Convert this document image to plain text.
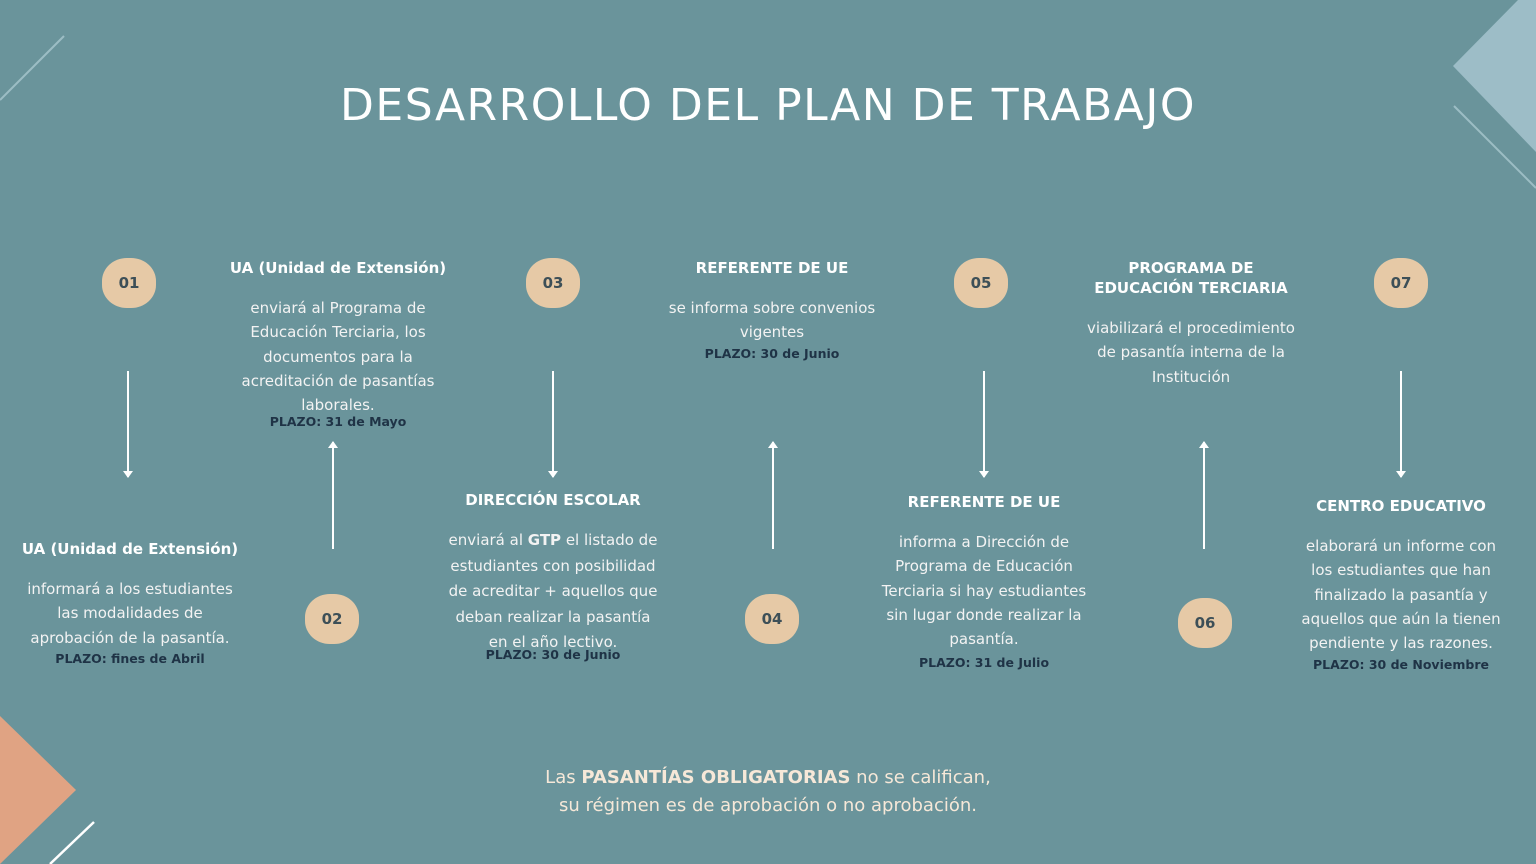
DESARROLLO DEL PLAN DE TRABAJO
01
02
03
04
05
06
07
UA (Unidad de Extensión)
informará a los estudiantes
las modalidades de
aprobación de la pasantía.
PLAZO: fines de Abril
UA (Unidad de Extensión)
enviará al Programa de
Educación Terciaria, los
documentos para la
acreditación de pasantías
laborales.
PLAZO: 31 de Mayo
DIRECCIÓN ESCOLAR
enviará al GTP el listado de
estudiantes con posibilidad
de acreditar + aquellos que
deban realizar la pasantía
en el año lectivo.
PLAZO: 30 de Junio
REFERENTE DE UE
se informa sobre convenios
vigentes
PLAZO: 30 de Junio
REFERENTE DE UE
informa a Dirección de
Programa de Educación
Terciaria si hay estudiantes
sin lugar donde realizar la
pasantía.
PLAZO: 31 de Julio
PROGRAMA DE
EDUCACIÓN TERCIARIA
viabilizará el procedimiento
de pasantía interna de la
Institución
CENTRO EDUCATIVO
elaborará un informe con
los estudiantes que han
finalizado la pasantía y
aquellos que aún la tienen
pendiente y las razones.
PLAZO: 30 de Noviembre
Las PASANTÍAS OBLIGATORIAS no se califican,
su régimen es de aprobación o no aprobación.
